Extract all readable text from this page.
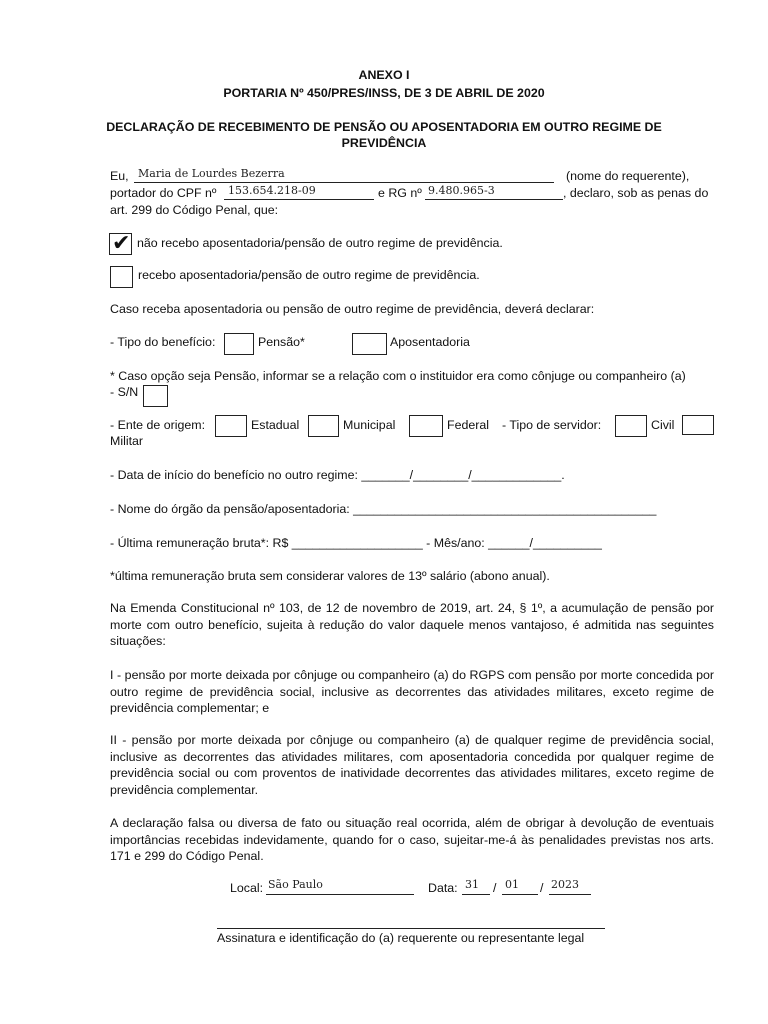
ANEXO I
PORTARIA Nº 450/PRES/INSS, DE 3 DE ABRIL DE 2020
DECLARAÇÃO DE RECEBIMENTO DE PENSÃO OU APOSENTADORIA EM OUTRO REGIME DE
PREVIDÊNCIA
Eu, Maria de Lourdes Bezerra	(nome do requerente),
portador do CPF nº 153.654.218-09	e RG nº 9.480.965-3	, declaro, sob as penas do
art. 299 do Código Penal, que:
✔ não recebo aposentadoria/pensão de outro regime de previdência.
recebo aposentadoria/pensão de outro regime de previdência.
Caso receba aposentadoria ou pensão de outro regime de previdência, deverá declarar:
- Tipo do benefício:	Pensão*	Aposentadoria
* Caso opção seja Pensão, informar se a relação com o instituidor era como cônjuge ou companheiro (a)
- S/N
- Ente de origem:	Estadual	Municipal	Federal - Tipo de servidor:	Civil
Militar
- Data de início do benefício no outro regime: _______/________/_____________.
- Nome do órgão da pensão/aposentadoria: ____________________________________________
- Última remuneração bruta*: R$ ___________________ - Mês/ano: ______/__________
*última remuneração bruta sem considerar valores de 13º salário (abono anual).
Na Emenda Constitucional nº 103, de 12 de novembro de 2019, art. 24, § 1º, a acumulação de pensão por morte com outro benefício, sujeita à redução do valor daquele menos vantajoso, é admitida nas seguintes situações:
I - pensão por morte deixada por cônjuge ou companheiro (a) do RGPS com pensão por morte concedida por outro regime de previdência social, inclusive as decorrentes das atividades militares, exceto regime de previdência complementar; e
II - pensão por morte deixada por cônjuge ou companheiro (a) de qualquer regime de previdência social, inclusive as decorrentes das atividades militares, com aposentadoria concedida por qualquer regime de previdência social ou com proventos de inatividade decorrentes das atividades militares, exceto regime de previdência complementar.
A declaração falsa ou diversa de fato ou situação real ocorrida, além de obrigar à devolução de eventuais importâncias recebidas indevidamente, quando for o caso, sujeitar-me-á às penalidades previstas nos arts. 171 e 299 do Código Penal.
Local: São Paulo	Data: 31 / 01 / 2023
Assinatura e identificação do (a) requerente ou representante legal
